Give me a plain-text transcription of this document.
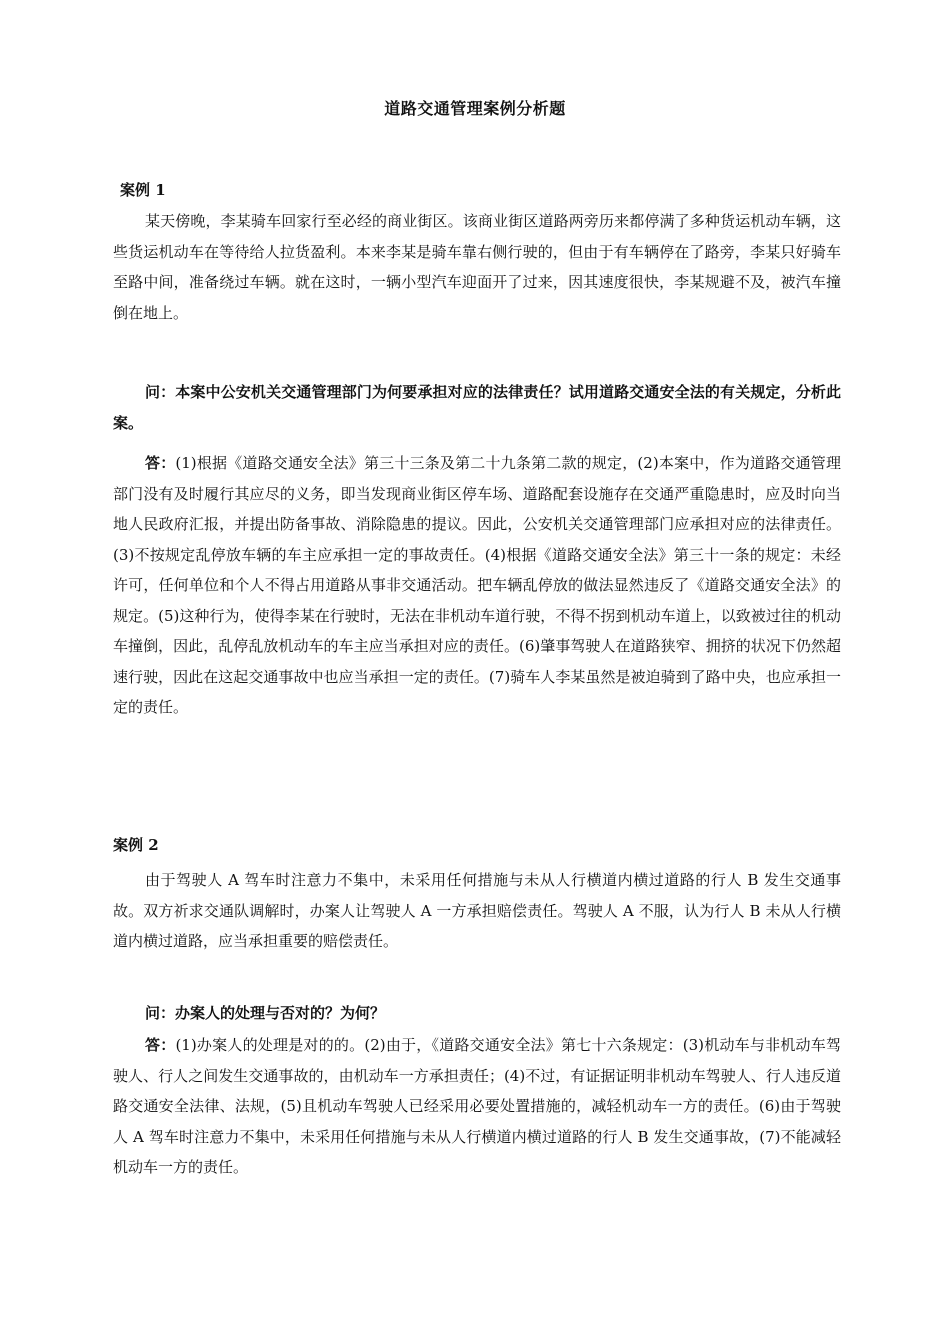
道路交通管理案例分析题
案例 1

某天傍晚，李某骑车回家行至必经的商业街区。该商业街区道路两旁历来都停满了多种货运机动车辆，这些货运机动车在等待给人拉货盈利。本来李某是骑车靠右侧行驶的，但由于有车辆停在了路旁，李某只好骑车至路中间，准备绕过车辆。就在这时，一辆小型汽车迎面开了过来，因其速度很快，李某规避不及，被汽车撞倒在地上。

问：本案中公安机关交通管理部门为何要承担对应的法律责任？试用道路交通安全法的有关规定，分析此案。

答：(1)根据《道路交通安全法》第三十三条及第二十九条第二款的规定，(2)本案中，作为道路交通管理部门没有及时履行其应尽的义务，即当发现商业街区停车场、道路配套设施存在交通严重隐患时，应及时向当地人民政府汇报，并提出防备事故、消除隐患的提议。因此，公安机关交通管理部门应承担对应的法律责任。(3)不按规定乱停放车辆的车主应承担一定的事故责任。(4)根据《道路交通安全法》第三十一条的规定：未经许可，任何单位和个人不得占用道路从事非交通活动。把车辆乱停放的做法显然违反了《道路交通安全法》的规定。(5)这种行为，使得李某在行驶时，无法在非机动车道行驶，不得不拐到机动车道上，以致被过往的机动车撞倒，因此，乱停乱放机动车的车主应当承担对应的责任。(6)肇事驾驶人在道路狭窄、拥挤的状况下仍然超速行驶，因此在这起交通事故中也应当承担一定的责任。(7)骑车人李某虽然是被迫骑到了路中央，也应承担一定的责任。

案例 2

由于驾驶人 A 驾车时注意力不集中，未采用任何措施与未从人行横道内横过道路的行人 B 发生交通事故。双方祈求交通队调解时，办案人让驾驶人 A 一方承担赔偿责任。驾驶人 A 不服，认为行人 B 未从人行横道内横过道路，应当承担重要的赔偿责任。

问：办案人的处理与否对的？为何？

答：(1)办案人的处理是对的的。(2)由于，《道路交通安全法》第七十六条规定：(3)机动车与非机动车驾驶人、行人之间发生交通事故的，由机动车一方承担责任；(4)不过，有证据证明非机动车驾驶人、行人违反道路交通安全法律、法规，(5)且机动车驾驶人已经采用必要处置措施的，减轻机动车一方的责任。(6)由于驾驶人 A 驾车时注意力不集中，未采用任何措施与未从人行横道内横过道路的行人 B 发生交通事故，(7)不能减轻机动车一方的责任。
